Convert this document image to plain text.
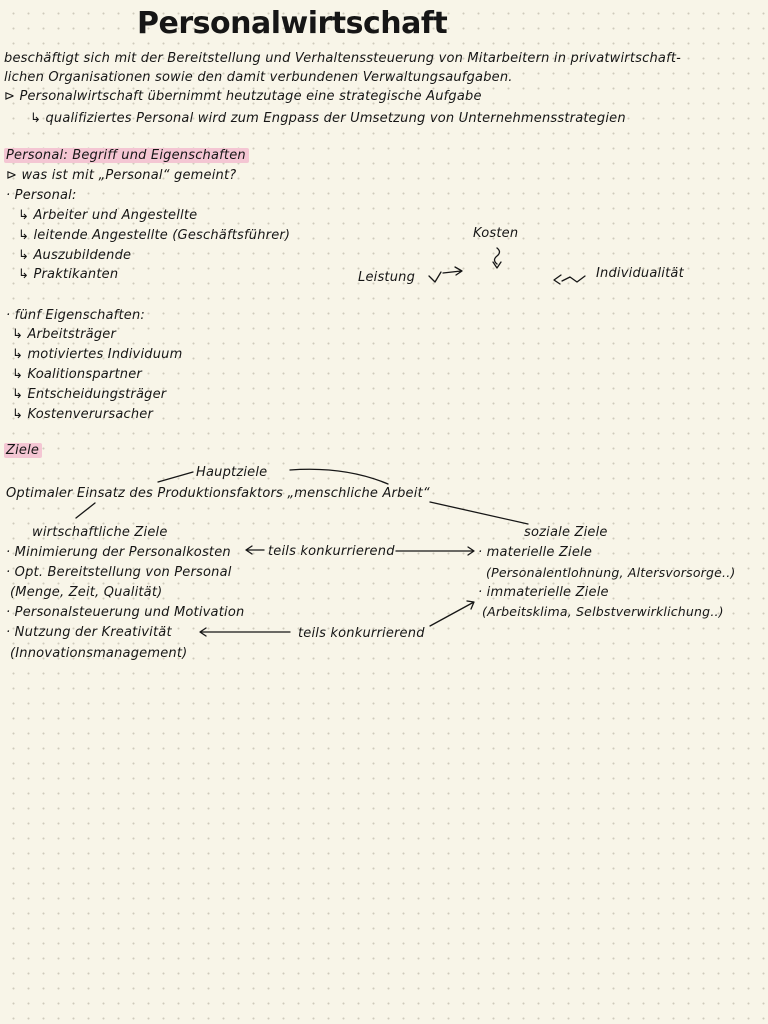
Personalwirtschaft
beschäftigt sich mit der Bereitstellung und Verhaltenssteuerung von Mitarbeitern in privatwirtschaft-
lichen Organisationen sowie den damit verbundenen Verwaltungsaufgaben.
⊳ Personalwirtschaft übernimmt heutzutage eine strategische Aufgabe
↳ qualifiziertes Personal wird zum Engpass der Umsetzung von Unternehmensstrategien
Personal: Begriff und Eigenschaften
⊳ was ist mit „Personal“ gemeint?
· Personal:
↳ Arbeiter und Angestellte
↳ leitende Angestellte (Geschäftsführer)
↳ Auszubildende
↳ Praktikanten
Kosten
Leistung	Individualität
· fünf Eigenschaften:
↳ Arbeitsträger
↳ motiviertes Individuum
↳ Koalitionspartner
↳ Entscheidungsträger
↳ Kostenverursacher
Ziele
Hauptziele
Optimaler Einsatz des Produktionsfaktors „menschliche Arbeit“
wirtschaftliche Ziele
· Minimierung der Personalkosten
· Opt. Bereitstellung von Personal
(Menge, Zeit, Qualität)
· Personalsteuerung und Motivation
· Nutzung der Kreativität
(Innovationsmanagement)
teils konkurrierend
teils konkurrierend
soziale Ziele
· materielle Ziele
(Personalentlohnung, Altersvorsorge..)
· immaterielle Ziele
(Arbeitsklima, Selbstverwirklichung..)
